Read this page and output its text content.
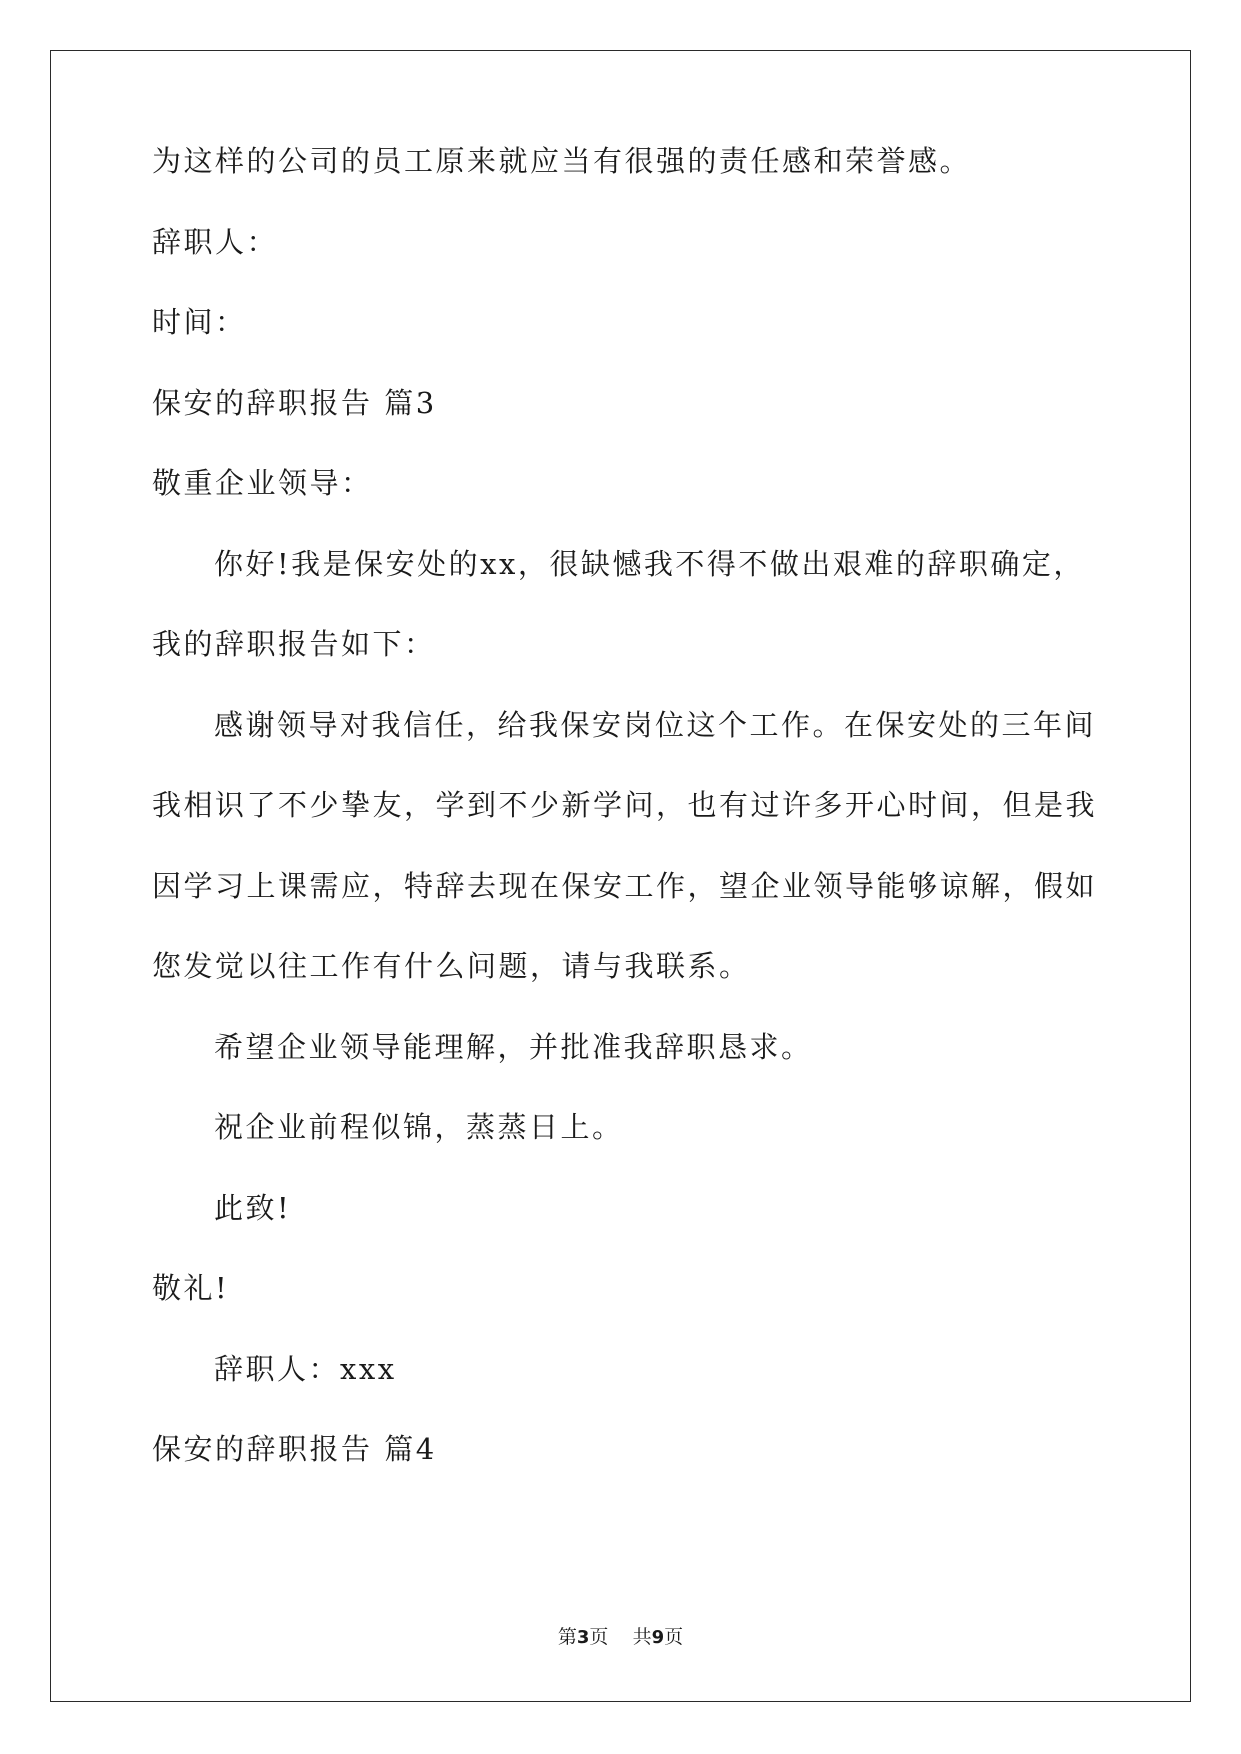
为这样的公司的员工原来就应当有很强的责任感和荣誉感。
辞职人：
时间：
保安的辞职报告 篇3
敬重企业领导：
你好!我是保安处的xx，很缺憾我不得不做出艰难的辞职确定，
我的辞职报告如下：
感谢领导对我信任，给我保安岗位这个工作。在保安处的三年间
我相识了不少挚友，学到不少新学问，也有过许多开心时间，但是我
因学习上课需应，特辞去现在保安工作，望企业领导能够谅解，假如
您发觉以往工作有什么问题，请与我联系。
希望企业领导能理解，并批准我辞职恳求。
祝企业前程似锦，蒸蒸日上。
此致!
敬礼!
辞职人：xxx
保安的辞职报告 篇4
第3页 共9页
